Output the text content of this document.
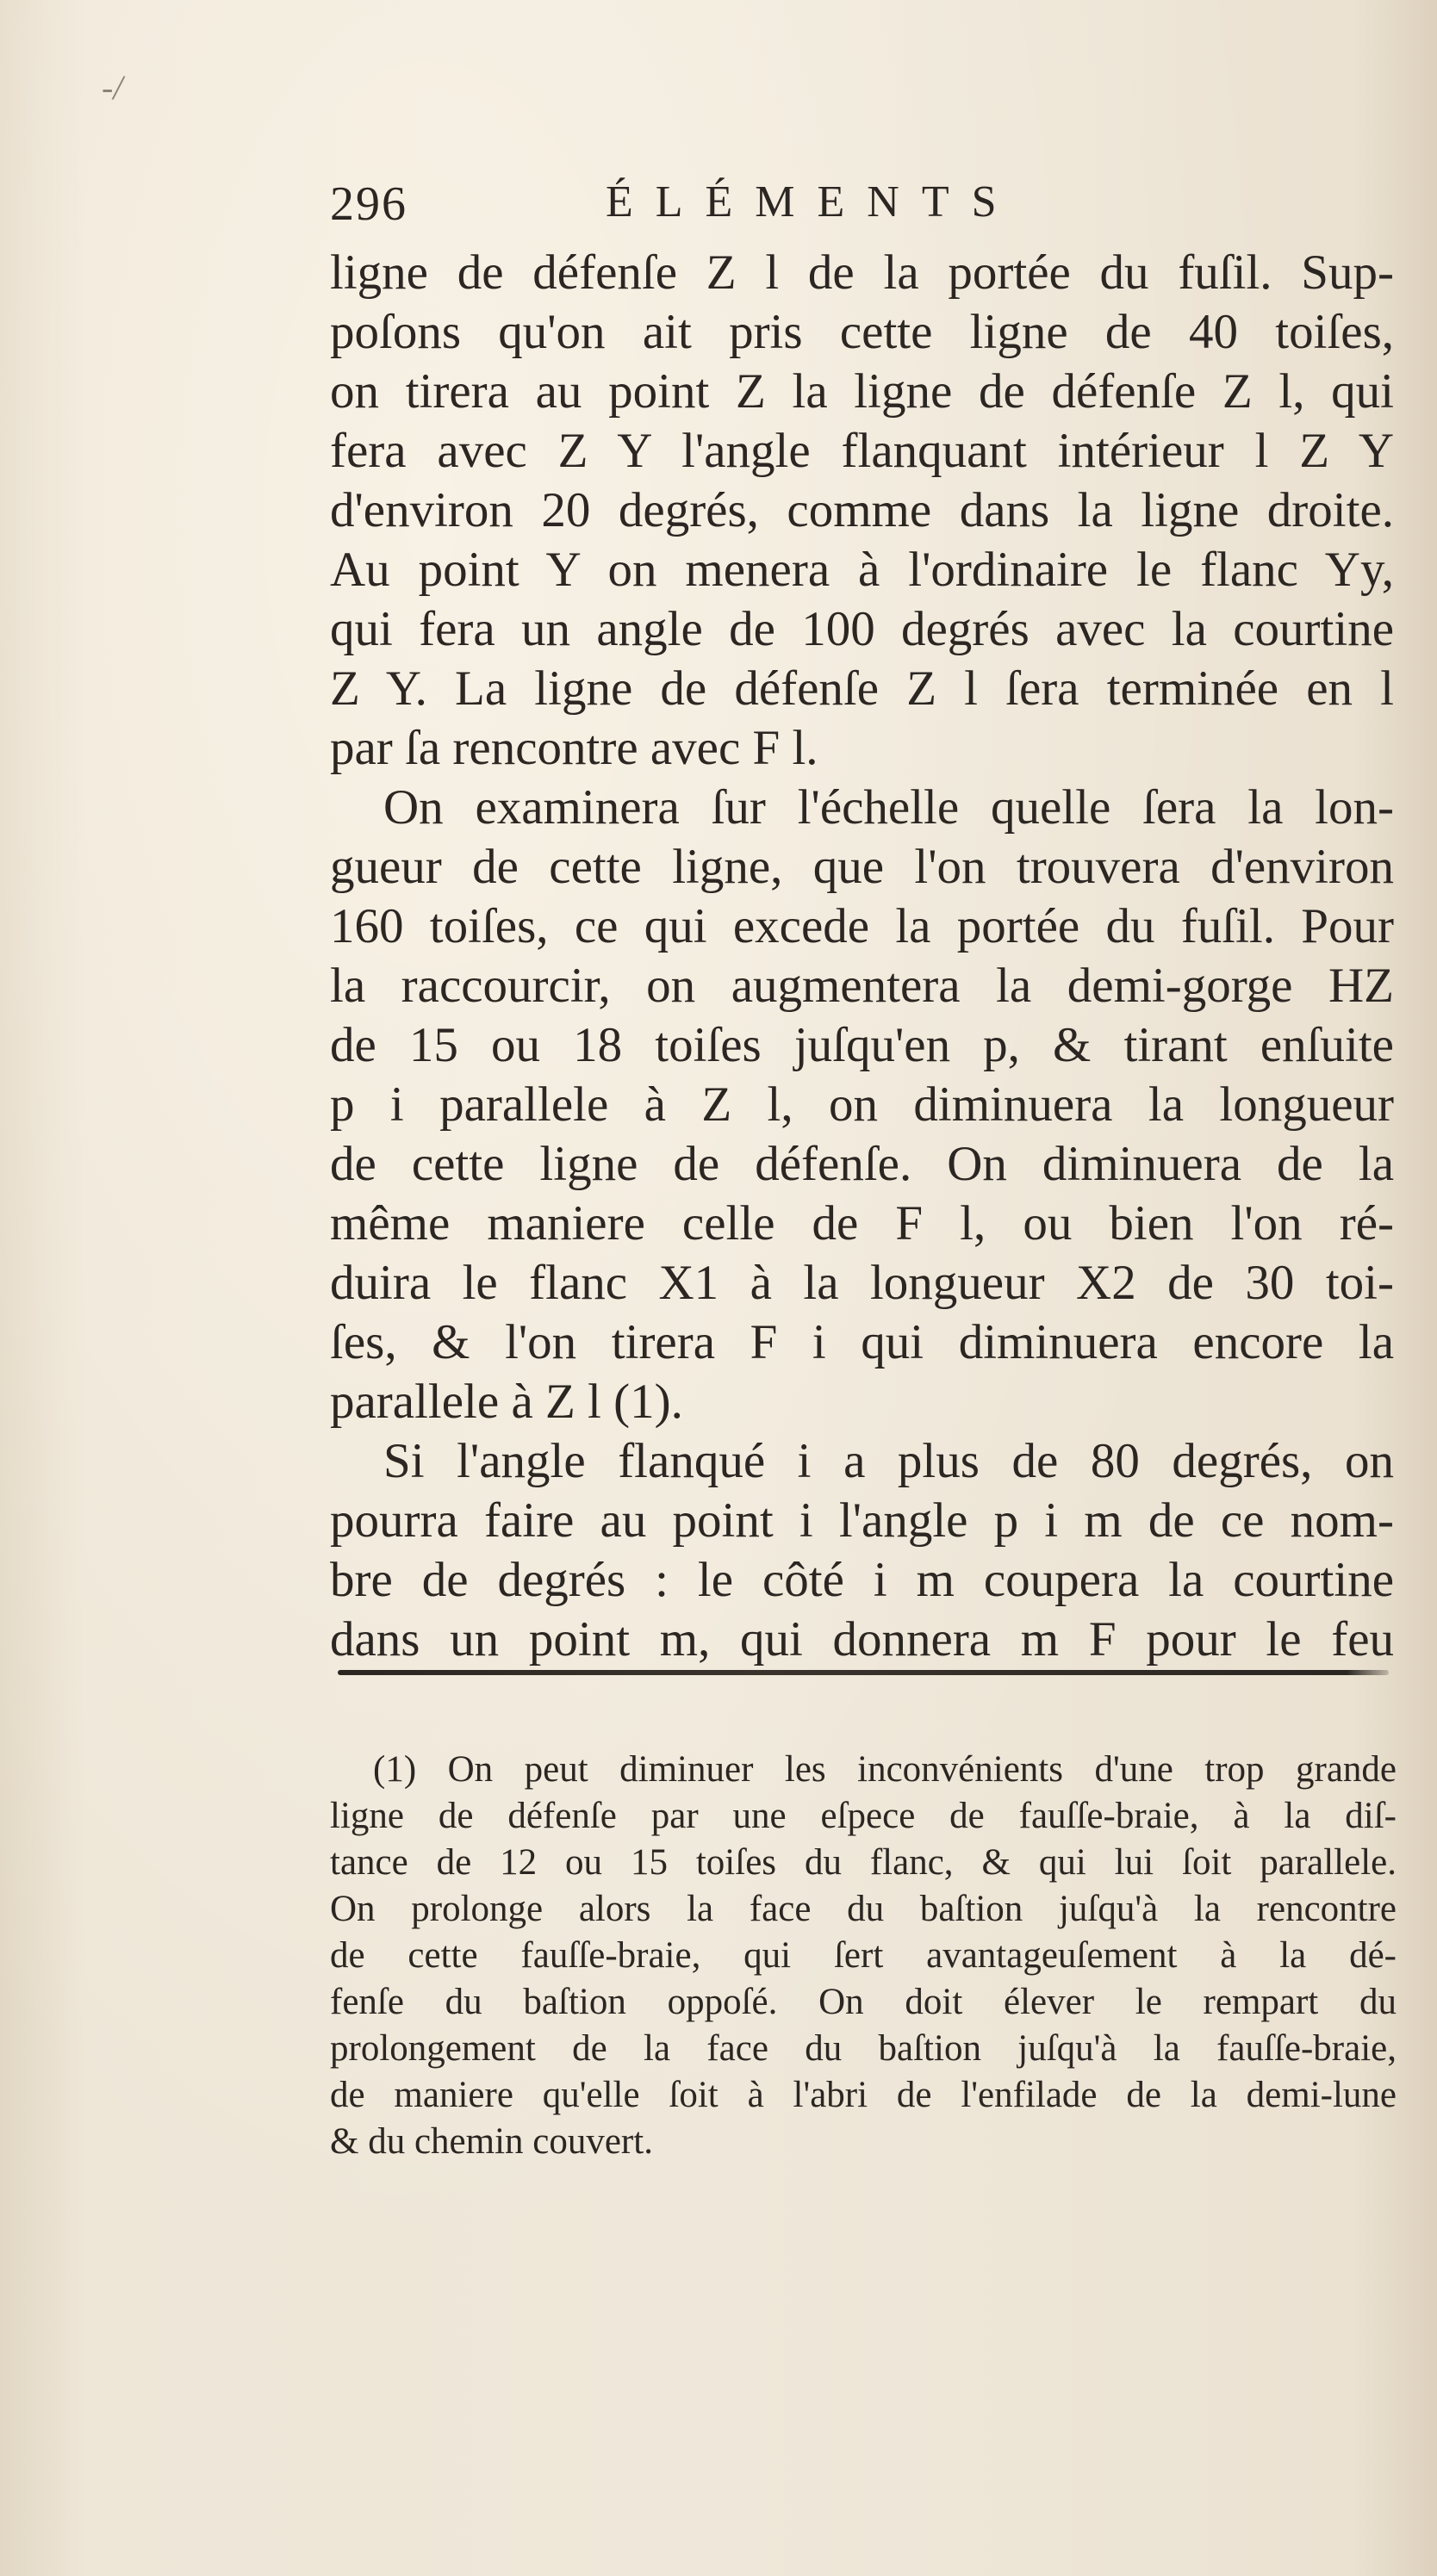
-/
296	ÉLÉMENTS
ligne de défenſe Z l de la portée du fuſil. Sup-
poſons qu'on ait pris cette ligne de 40 toiſes,
on tirera au point Z la ligne de défenſe Z l, qui
fera avec Z Y l'angle flanquant intérieur l Z Y
d'environ 20 degrés, comme dans la ligne droite.
Au point Y on menera à l'ordinaire le flanc Yy,
qui fera un angle de 100 degrés avec la courtine
Z Y. La ligne de défenſe Z l ſera terminée en l
par ſa rencontre avec F l.
On examinera ſur l'échelle quelle ſera la lon-
gueur de cette ligne, que l'on trouvera d'environ
160 toiſes, ce qui excede la portée du fuſil. Pour
la raccourcir, on augmentera la demi-gorge HZ
de 15 ou 18 toiſes juſqu'en p, & tirant enſuite
p i parallele à Z l, on diminuera la longueur
de cette ligne de défenſe. On diminuera de la
même maniere celle de F l, ou bien l'on ré-
duira le flanc X1 à la longueur X2 de 30 toi-
ſes, & l'on tirera F i qui diminuera encore la
parallele à Z l (1).
Si l'angle flanqué i a plus de 80 degrés, on
pourra faire au point i l'angle p i m de ce nom-
bre de degrés : le côté i m coupera la courtine
dans un point m, qui donnera m F pour le feu
(1) On peut diminuer les inconvénients d'une trop grande
ligne de défenſe par une eſpece de fauſſe-braie, à la diſ-
tance de 12 ou 15 toiſes du flanc, & qui lui ſoit parallele.
On prolonge alors la face du baſtion juſqu'à la rencontre
de cette fauſſe-braie, qui ſert avantageuſement à la dé-
fenſe du baſtion oppoſé. On doit élever le rempart du
prolongement de la face du baſtion juſqu'à la fauſſe-braie,
de maniere qu'elle ſoit à l'abri de l'enfilade de la demi-lune
& du chemin couvert.
